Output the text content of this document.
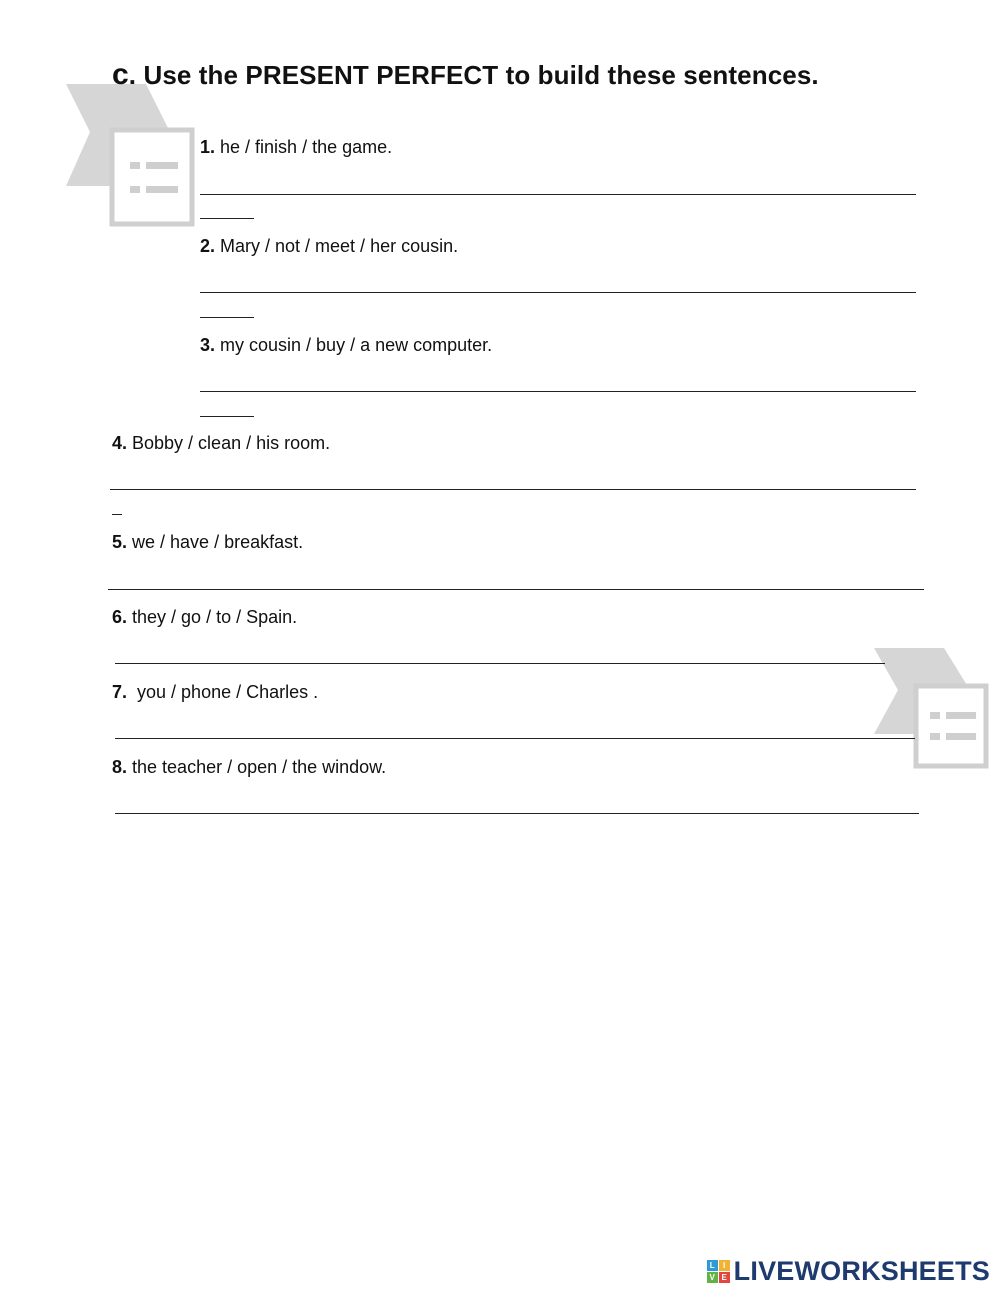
c. Use the PRESENT PERFECT to build these sentences.
1. he / finish / the game.
2. Mary / not / meet / her cousin.
3. my cousin / buy / a new computer.
4. Bobby / clean / his room.
5. we / have / breakfast.
6. they / go / to / Spain.
7.  you / phone / Charles .
8. the teacher / open / the window.
L	I
V E LIVEWORKSHEETS
